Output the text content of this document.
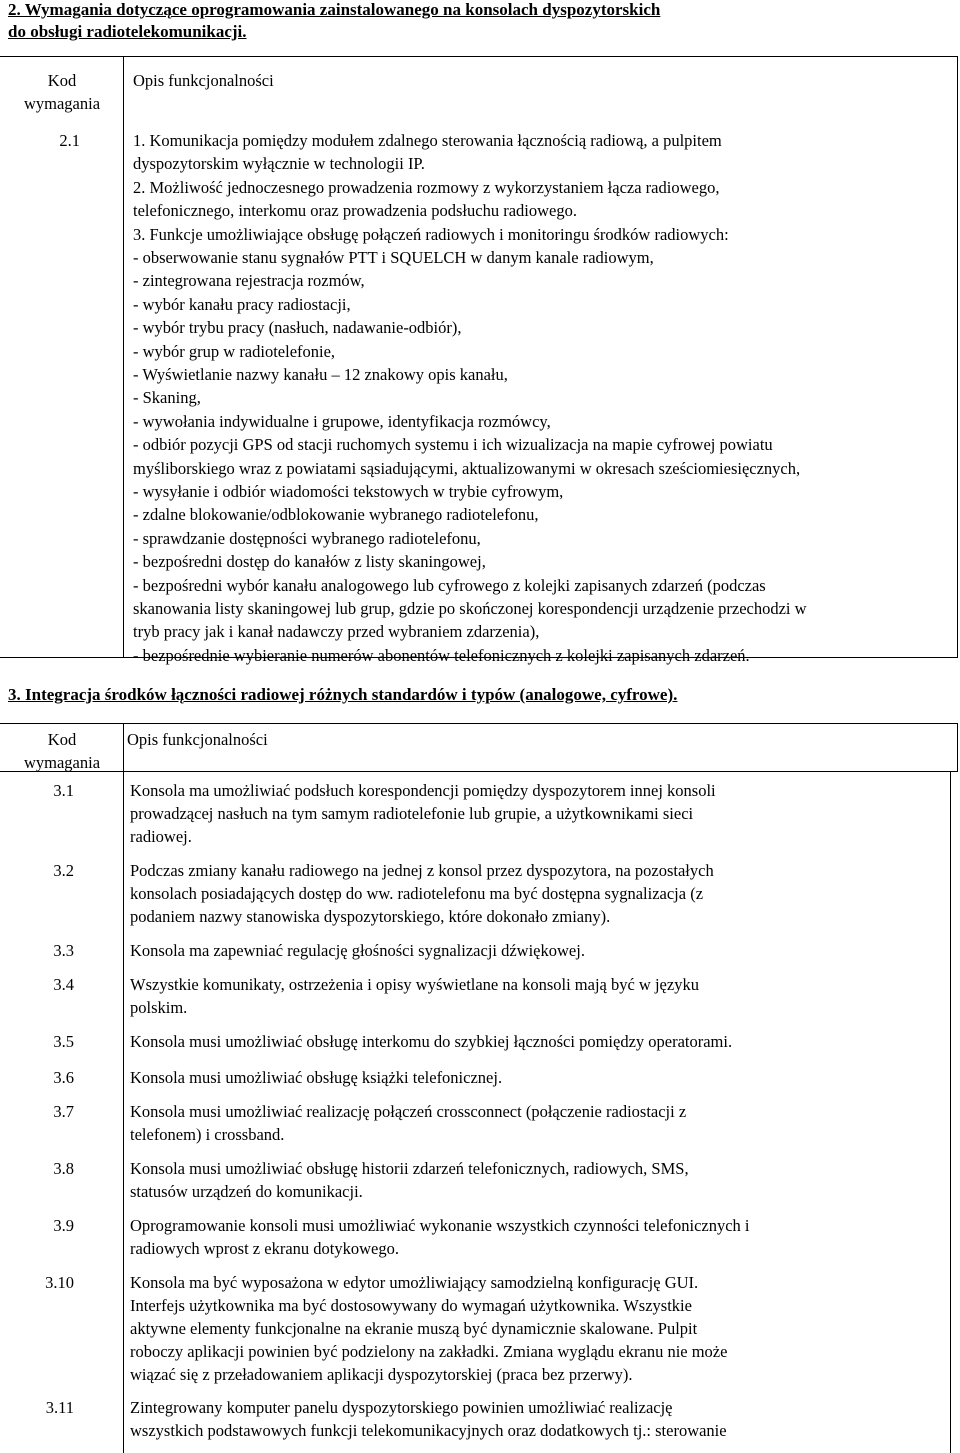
2. Wymagania dotyczące oprogramowania zainstalowanego na konsolach dyspozytorskich
do obsługi radiotelekomunikacji.
Kod
wymagania
Opis funkcjonalności
2.1	1. Komunikacja pomiędzy modułem zdalnego sterowania łącznością radiową, a pulpitem
dyspozytorskim wyłącznie w technologii IP.
2. Możliwość jednoczesnego prowadzenia rozmowy z wykorzystaniem łącza radiowego,
telefonicznego, interkomu oraz prowadzenia podsłuchu radiowego.
3. Funkcje umożliwiające obsługę połączeń radiowych i monitoringu środków radiowych:
- obserwowanie stanu sygnałów PTT i SQUELCH w danym kanale radiowym,
- zintegrowana rejestracja rozmów,
- wybór kanału pracy radiostacji,
- wybór trybu pracy (nasłuch, nadawanie-odbiór),
- wybór grup w radiotelefonie,
- Wyświetlanie nazwy kanału – 12 znakowy opis kanału,
- Skaning,
- wywołania indywidualne i grupowe, identyfikacja rozmówcy,
- odbiór pozycji GPS od stacji ruchomych systemu i ich wizualizacja na mapie cyfrowej powiatu
myśliborskiego wraz z powiatami sąsiadującymi, aktualizowanymi w okresach sześciomiesięcznych,
- wysyłanie i odbiór wiadomości tekstowych w trybie cyfrowym,
- zdalne blokowanie/odblokowanie wybranego radiotelefonu,
- sprawdzanie dostępności wybranego radiotelefonu,
- bezpośredni dostęp do kanałów z listy skaningowej,
- bezpośredni wybór kanału analogowego lub cyfrowego z kolejki zapisanych zdarzeń (podczas
skanowania listy skaningowej lub grup, gdzie po skończonej korespondencji urządzenie przechodzi w
tryb pracy jak i kanał nadawczy przed wybraniem zdarzenia),
- bezpośrednie wybieranie numerów abonentów telefonicznych z kolejki zapisanych zdarzeń.
3. Integracja środków łączności radiowej różnych standardów i typów (analogowe, cyfrowe).
Kod
wymagania
Opis funkcjonalności
3.1	Konsola ma umożliwiać podsłuch korespondencji pomiędzy dyspozytorem innej konsoli
prowadzącej nasłuch na tym samym radiotelefonie lub grupie, a użytkownikami sieci
radiowej.
3.2	Podczas zmiany kanału radiowego na jednej z konsol przez dyspozytora, na pozostałych
konsolach posiadających dostęp do ww. radiotelefonu ma być dostępna sygnalizacja (z
podaniem nazwy stanowiska dyspozytorskiego, które dokonało zmiany).
3.3	Konsola ma zapewniać regulację głośności sygnalizacji dźwiękowej.
3.4	Wszystkie komunikaty, ostrzeżenia i opisy wyświetlane na konsoli mają być w języku
polskim.
3.5	Konsola musi umożliwiać obsługę interkomu do szybkiej łączności pomiędzy operatorami.
3.6	Konsola musi umożliwiać obsługę książki telefonicznej.
3.7	Konsola musi umożliwiać realizację połączeń crossconnect (połączenie radiostacji z
telefonem) i crossband.
3.8	Konsola musi umożliwiać obsługę historii zdarzeń telefonicznych, radiowych, SMS,
statusów urządzeń do komunikacji.
3.9	Oprogramowanie konsoli musi umożliwiać wykonanie wszystkich czynności telefonicznych i
radiowych wprost z ekranu dotykowego.
3.10	Konsola ma być wyposażona w edytor umożliwiający samodzielną konfigurację GUI.
Interfejs użytkownika ma być dostosowywany do wymagań użytkownika. Wszystkie
aktywne elementy funkcjonalne na ekranie muszą być dynamicznie skalowane. Pulpit
roboczy aplikacji powinien być podzielony na zakładki. Zmiana wyglądu ekranu nie może
wiązać się z przeładowaniem aplikacji dyspozytorskiej (praca bez przerwy).
3.11	Zintegrowany komputer panelu dyspozytorskiego powinien umożliwiać realizację
wszystkich podstawowych funkcji telekomunikacyjnych oraz dodatkowych tj.: sterowanie
